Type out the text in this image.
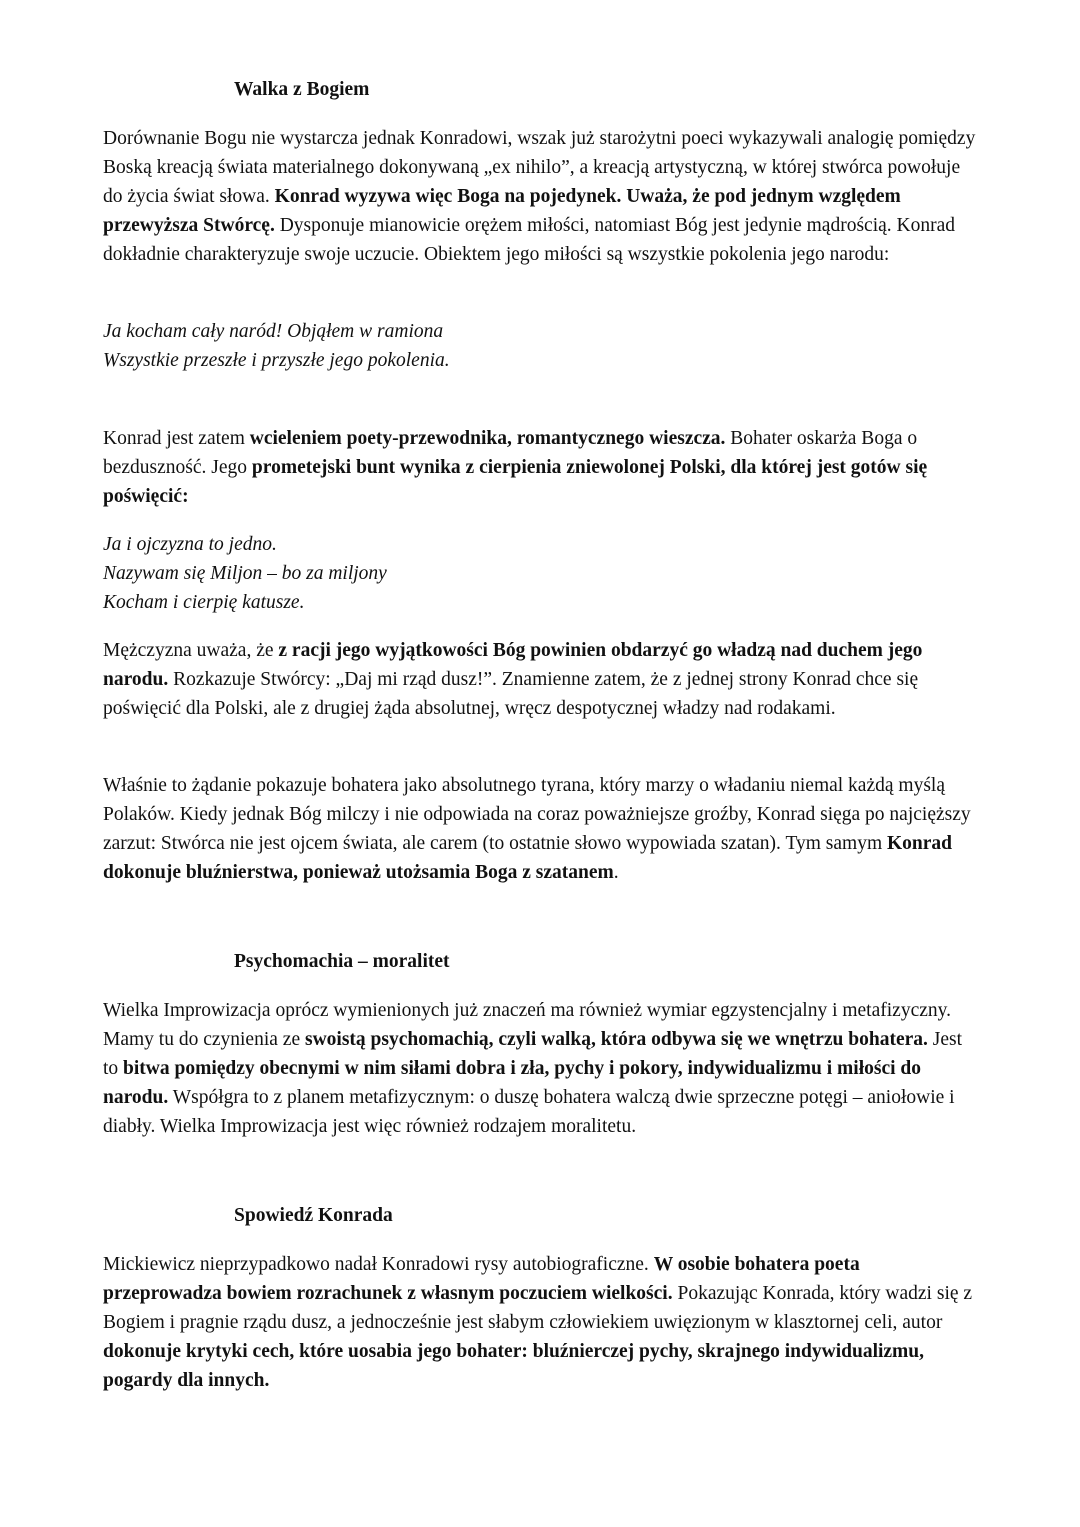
Walka z Bogiem

Dorównanie Bogu nie wystarcza jednak Konradowi, wszak już starożytni poeci wykazywali analogię pomiędzy Boską kreacją świata materialnego dokonywaną „ex nihilo”, a kreacją artystyczną, w której stwórca powołuje do życia świat słowa. Konrad wyzywa więc Boga na pojedynek. Uważa, że pod jednym względem przewyższa Stwórcę. Dysponuje mianowicie orężem miłości, natomiast Bóg jest jedynie mądrością. Konrad dokładnie charakteryzuje swoje uczucie. Obiektem jego miłości są wszystkie pokolenia jego narodu:

Ja kocham cały naród! Objąłem w ramiona
Wszystkie przeszłe i przyszłe jego pokolenia.

Konrad jest zatem wcieleniem poety-przewodnika, romantycznego wieszcza. Bohater oskarża Boga o bezduszność. Jego prometejski bunt wynika z cierpienia zniewolonej Polski, dla której jest gotów się poświęcić:

Ja i ojczyzna to jedno.
Nazywam się Miljon – bo za miljony
Kocham i cierpię katusze.

Mężczyzna uważa, że z racji jego wyjątkowości Bóg powinien obdarzyć go władzą nad duchem jego narodu. Rozkazuje Stwórcy: „Daj mi rząd dusz!”. Znamienne zatem, że z jednej strony Konrad chce się poświęcić dla Polski, ale z drugiej żąda absolutnej, wręcz despotycznej władzy nad rodakami.

Właśnie to żądanie pokazuje bohatera jako absolutnego tyrana, który marzy o władaniu niemal każdą myślą Polaków. Kiedy jednak Bóg milczy i nie odpowiada na coraz poważniejsze groźby, Konrad sięga po najcięższy zarzut: Stwórca nie jest ojcem świata, ale carem (to ostatnie słowo wypowiada szatan). Tym samym Konrad dokonuje bluźnierstwa, ponieważ utożsamia Boga z szatanem.

Psychomachia – moralitet

Wielka Improwizacja oprócz wymienionych już znaczeń ma również wymiar egzystencjalny i metafizyczny. Mamy tu do czynienia ze swoistą psychomachią, czyli walką, która odbywa się we wnętrzu bohatera. Jest to bitwa pomiędzy obecnymi w nim siłami dobra i zła, pychy i pokory, indywidualizmu i miłości do narodu. Współgra to z planem metafizycznym: o duszę bohatera walczą dwie sprzeczne potęgi – aniołowie i diabły. Wielka Improwizacja jest więc również rodzajem moralitetu.

Spowiedź Konrada

Mickiewicz nieprzypadkowo nadał Konradowi rysy autobiograficzne. W osobie bohatera poeta przeprowadza bowiem rozrachunek z własnym poczuciem wielkości. Pokazując Konrada, który wadzi się z Bogiem i pragnie rządu dusz, a jednocześnie jest słabym człowiekiem uwięzionym w klasztornej celi, autor dokonuje krytyki cech, które uosabia jego bohater: bluźnierczej pychy, skrajnego indywidualizmu, pogardy dla innych.
